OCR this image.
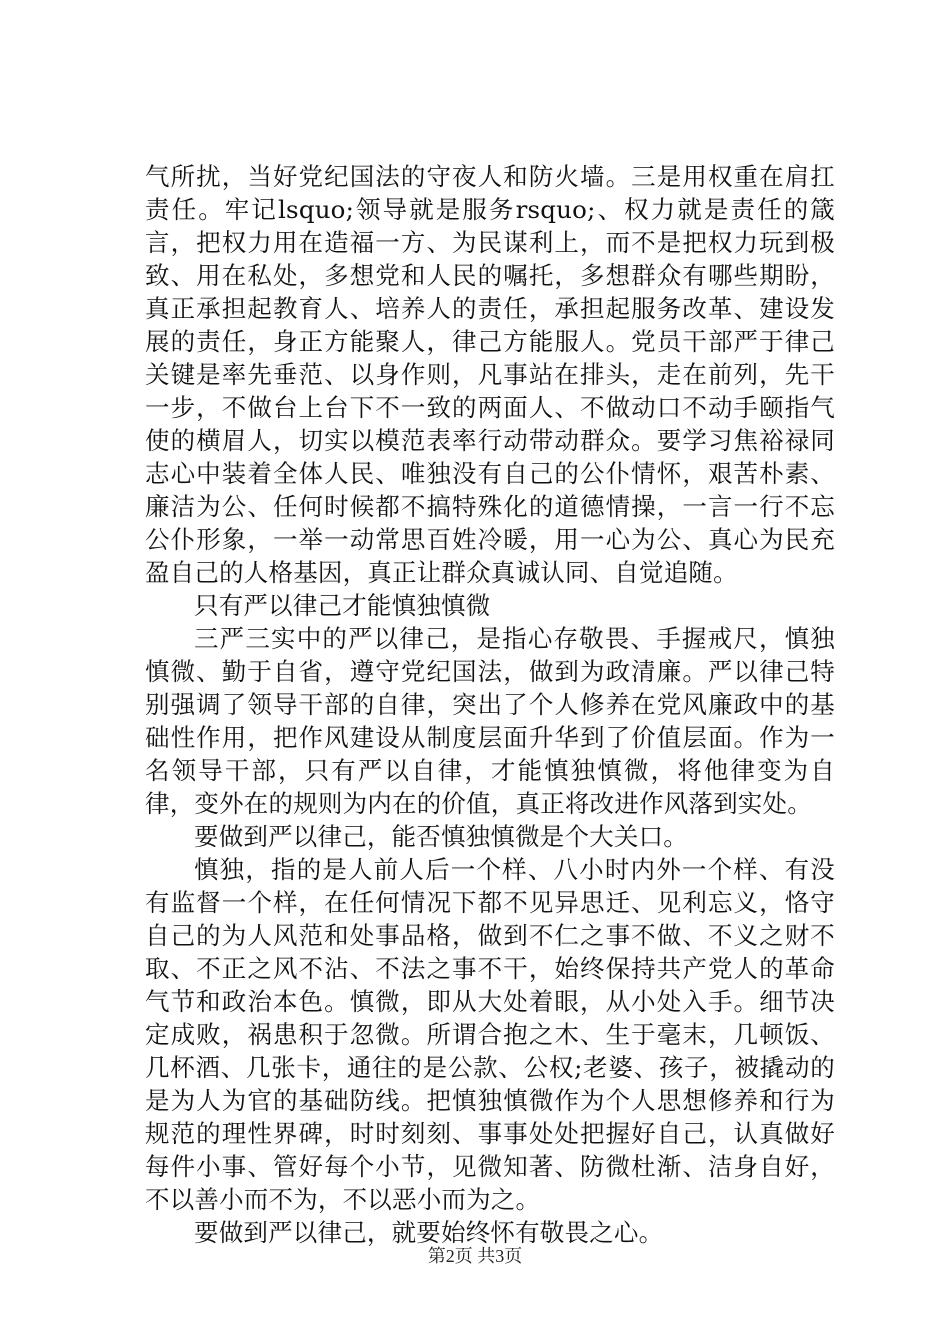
气所扰，当好党纪国法的守夜人和防火墙。三是用权重在肩扛责任。牢记lsquo;领导就是服务rsquo;、权力就是责任的箴言，把权力用在造福一方、为民谋利上，而不是把权力玩到极致、用在私处，多想党和人民的嘱托，多想群众有哪些期盼，真正承担起教育人、培养人的责任，承担起服务改革、建设发展的责任，身正方能聚人，律己方能服人。党员干部严于律己关键是率先垂范、以身作则，凡事站在排头，走在前列，先干一步，不做台上台下不一致的两面人、不做动口不动手颐指气使的横眉人，切实以模范表率行动带动群众。要学习焦裕禄同志心中装着全体人民、唯独没有自己的公仆情怀，艰苦朴素、廉洁为公、任何时候都不搞特殊化的道德情操，一言一行不忘公仆形象，一举一动常思百姓冷暖，用一心为公、真心为民充盈自己的人格基因，真正让群众真诚认同、自觉追随。

只有严以律己才能慎独慎微

三严三实中的严以律己，是指心存敬畏、手握戒尺，慎独慎微、勤于自省，遵守党纪国法，做到为政清廉。严以律己特别强调了领导干部的自律，突出了个人修养在党风廉政中的基础性作用，把作风建设从制度层面升华到了价值层面。作为一名领导干部，只有严以自律，才能慎独慎微，将他律变为自律，变外在的规则为内在的价值，真正将改进作风落到实处。

要做到严以律己，能否慎独慎微是个大关口。

慎独，指的是人前人后一个样、八小时内外一个样、有没有监督一个样，在任何情况下都不见异思迁、见利忘义，恪守自己的为人风范和处事品格，做到不仁之事不做、不义之财不取、不正之风不沾、不法之事不干，始终保持共产党人的革命气节和政治本色。慎微，即从大处着眼，从小处入手。细节决定成败，祸患积于忽微。所谓合抱之木、生于毫末，几顿饭、几杯酒、几张卡，通往的是公款、公权;老婆、孩子，被撬动的是为人为官的基础防线。把慎独慎微作为个人思想修养和行为规范的理性界碑，时时刻刻、事事处处把握好自己，认真做好每件小事、管好每个小节，见微知著、防微杜渐、洁身自好，不以善小而不为，不以恶小而为之。

要做到严以律己，就要始终怀有敬畏之心。

第2页 共3页
